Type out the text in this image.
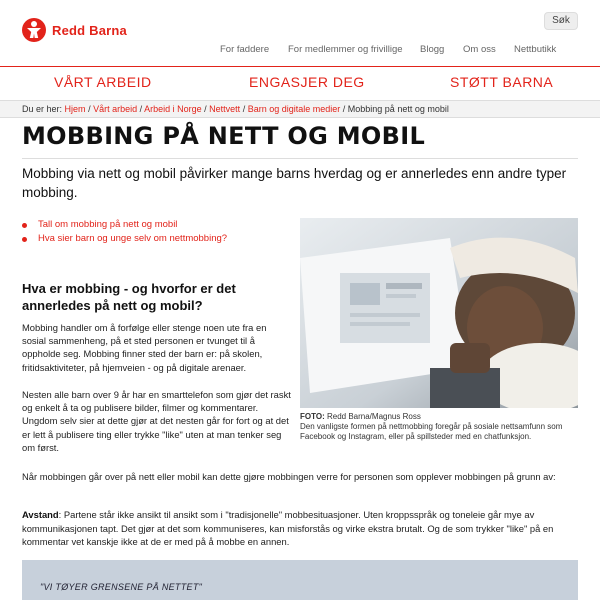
Redd Barna
Søk
For faddere For medlemmer og frivillige Blogg Om oss Nettbutikk
VÅRT ARBEID	ENGASJER DEG	STØTT BARNA
Du er her: Hjem / Vårt arbeid / Arbeid i Norge / Nettvett / Barn og digitale medier / Mobbing på nett og mobil
MOBBING PÅ NETT OG MOBIL

Mobbing via nett og mobil påvirker mange barns hverdag og er annerledes enn andre typer mobbing.

Tall om mobbing på nett og mobil
Hva sier barn og unge selv om nettmobbing?
Hva er mobbing - og hvorfor er det annerledes på nett og mobil?

Mobbing handler om å forfølge eller stenge noen ute fra en sosial sammenheng, på et sted personen er tvunget til å oppholde seg. Mobbing finner sted der barn er: på skolen, fritidsaktiviteter, på hjemveien - og på digitale arenaer.

Nesten alle barn over 9 år har en smarttelefon som gjør det raskt og enkelt å ta og publisere bilder, filmer og kommentarer. Ungdom selv sier at dette gjør at det nesten går for fort og at det er lett å publisere ting eller trykke "like" uten at man tenker seg om først.

FOTO: Redd Barna/Magnus Ross
Den vanligste formen på nettmobbing foregår på sosiale nettsamfunn som Facebook og Instagram, eller på spillsteder med en chatfunksjon.

Når mobbingen går over på nett eller mobil kan dette gjøre mobbingen verre for personen som opplever mobbingen på grunn av:

Avstand: Partene står ikke ansikt til ansikt som i "tradisjonelle" mobbesituasjoner. Uten kroppsspråk og toneleie går mye av kommunikasjonen tapt. Det gjør at det som kommuniseres, kan misforstås og virke ekstra brutalt. Og de som trykker "like" på en kommentar vet kanskje ikke at de er med på å mobbe en annen.

"VI TØYER GRENSENE PÅ NETTET"
